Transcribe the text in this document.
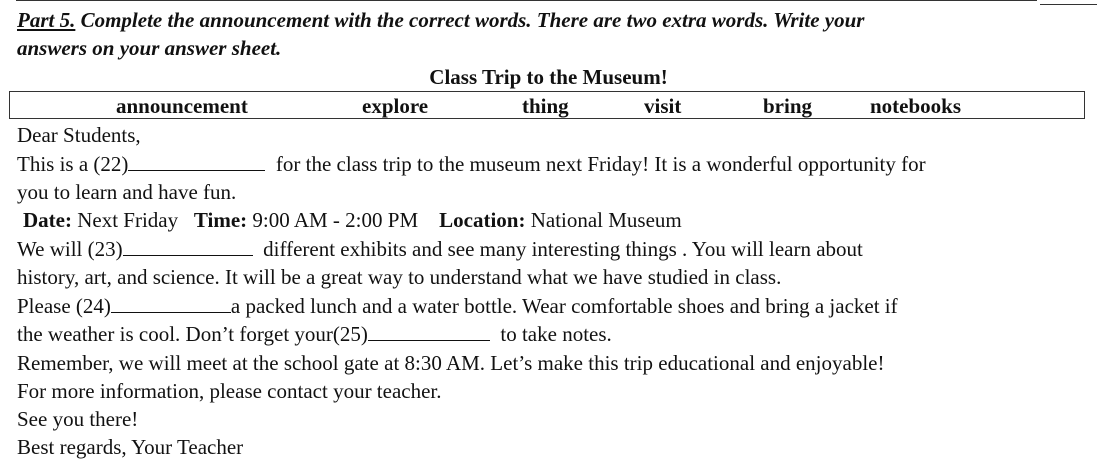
Part 5. Complete the announcement with the correct words. There are two extra words. Write your
answers on your answer sheet.
Class Trip to the Museum!
announcement	explore	thing	visit	bring	notebooks
Dear Students,
This is a (22)	for the class trip to the museum next Friday! It is a wonderful opportunity for
you to learn and have fun.
Date: Next Friday Time: 9:00 AM - 2:00 PM Location: National Museum
We will (23)	different exhibits and see many interesting things . You will learn about
history, art, and science. It will be a great way to understand what we have studied in class.
Please (24)	a packed lunch and a water bottle. Wear comfortable shoes and bring a jacket if
the weather is cool. Don’t forget your(25)	to take notes.
Remember, we will meet at the school gate at 8:30 AM. Let’s make this trip educational and enjoyable!
For more information, please contact your teacher.
See you there!
Best regards, Your Teacher
